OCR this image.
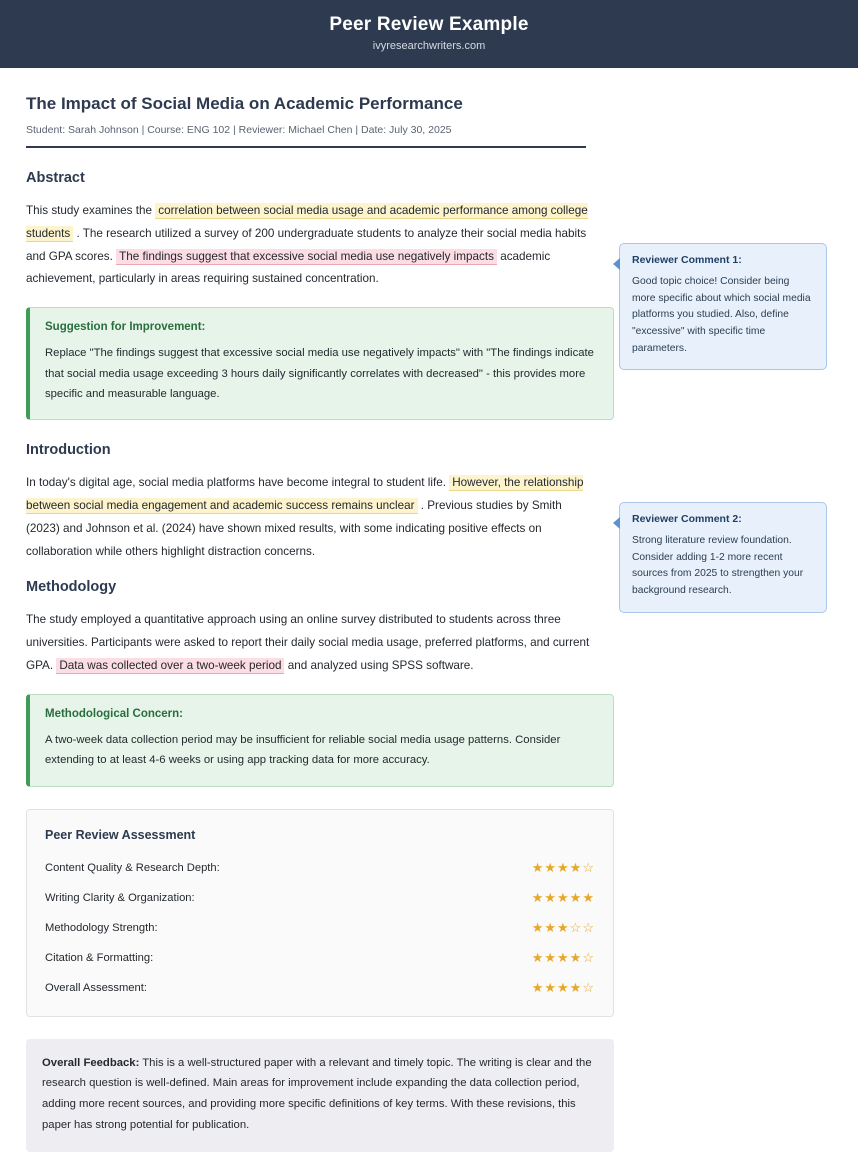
Peer Review Example
ivyresearchwriters.com
The Impact of Social Media on Academic Performance
Student: Sarah Johnson | Course: ENG 102 | Reviewer: Michael Chen | Date: July 30, 2025
Abstract

This study examines the correlation between social media usage and academic performance among college students . The research utilized a survey of 200 undergraduate students to analyze their social media habits and GPA scores. The findings suggest that excessive social media use negatively impacts academic achievement, particularly in areas requiring sustained concentration.

Suggestion for Improvement:
Replace "The findings suggest that excessive social media use negatively impacts" with "The findings indicate that social media usage exceeding 3 hours daily significantly correlates with decreased" - this provides more specific and measurable language.
Introduction

In today's digital age, social media platforms have become integral to student life. However, the relationship between social media engagement and academic success remains unclear . Previous studies by Smith (2023) and Johnson et al. (2024) have shown mixed results, with some indicating positive effects on collaboration while others highlight distraction concerns.

Methodology

The study employed a quantitative approach using an online survey distributed to students across three universities. Participants were asked to report their daily social media usage, preferred platforms, and current GPA. Data was collected over a two-week period and analyzed using SPSS software.

Methodological Concern:
A two-week data collection period may be insufficient for reliable social media usage patterns. Consider extending to at least 4-6 weeks or using app tracking data for more accuracy.
Peer Review Assessment
Content Quality & Research Depth:	★★★★☆
Writing Clarity & Organization:	★★★★★
Methodology Strength:	★★★☆☆
Citation & Formatting:	★★★★☆
Overall Assessment:	★★★★☆
Overall Feedback: This is a well-structured paper with a relevant and timely topic. The writing is clear and the research question is well-defined. Main areas for improvement include expanding the data collection period, adding more recent sources, and providing more specific definitions of key terms. With these revisions, this paper has strong potential for publication.
Reviewer Comment 1:
Good topic choice! Consider being more specific about which social media platforms you studied. Also, define "excessive" with specific time parameters.
Reviewer Comment 2:
Strong literature review foundation. Consider adding 1-2 more recent sources from 2025 to strengthen your background research.
